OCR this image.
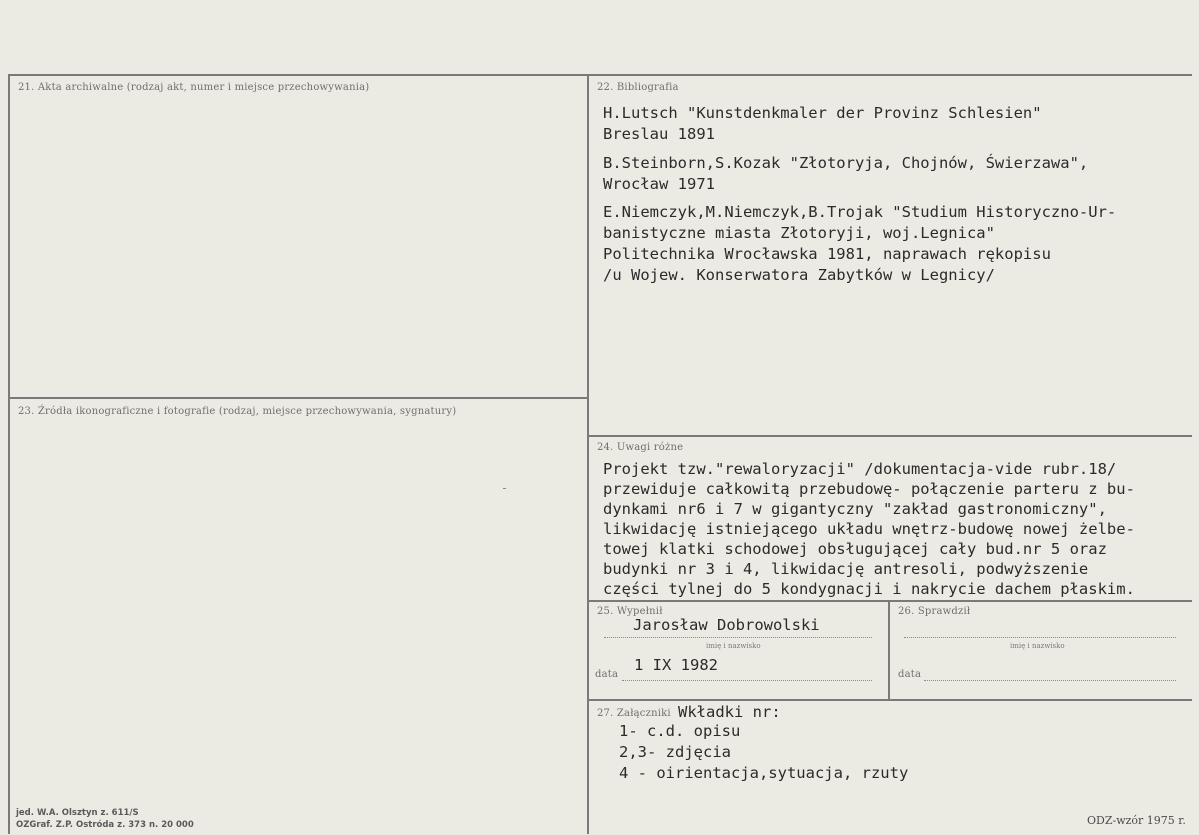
21. Akta archiwalne (rodzaj akt, numer i miejsce przechowywania)	22. Bibliografia
H.Lutsch "Kunstdenkmaler der Provinz Schlesien"
Breslau 1891
B.Steinborn,S.Kozak "Złotoryja, Chojnów, Świerzawa",
Wrocław 1971
E.Niemczyk,M.Niemczyk,B.Trojak "Studium Historyczno-Ur-
banistyczne miasta Złotoryji, woj.Legnica"
Politechnika Wrocławska 1981, naprawach rękopisu
/u Wojew. Konserwatora Zabytków w Legnicy/
23. Źródła ikonograficzne i fotografie (rodzaj, miejsce przechowywania, sygnatury)
24. Uwagi różne
Projekt tzw."rewaloryzacji" /dokumentacja-vide rubr.18/
przewiduje całkowitą przebudowę- połączenie parteru z bu-
dynkami nr6 i 7 w gigantyczny "zakład gastronomiczny",
likwidację istniejącego układu wnętrz-budowę nowej żelbe-
towej klatki schodowej obsługującej cały bud.nr 5 oraz
budynki nr 3 i 4, likwidację antresoli, podwyższenie
części tylnej do 5 kondygnacji i nakrycie dachem płaskim.
25. Wypełnił
Jarosław Dobrowolski
imię i nazwisko
data
1 IX 1982
26. Sprawdził
imię i nazwisko
data
27. Załączniki Wkładki nr:
1- c.d. opisu
2,3- zdjęcia
4 - oirientacja,sytuacja, rzuty
jed. W.A. Olsztyn z. 611/S
OZGraf. Z.P. Ostróda z. 373 n. 20 000	ODZ-wzór 1975 r.
